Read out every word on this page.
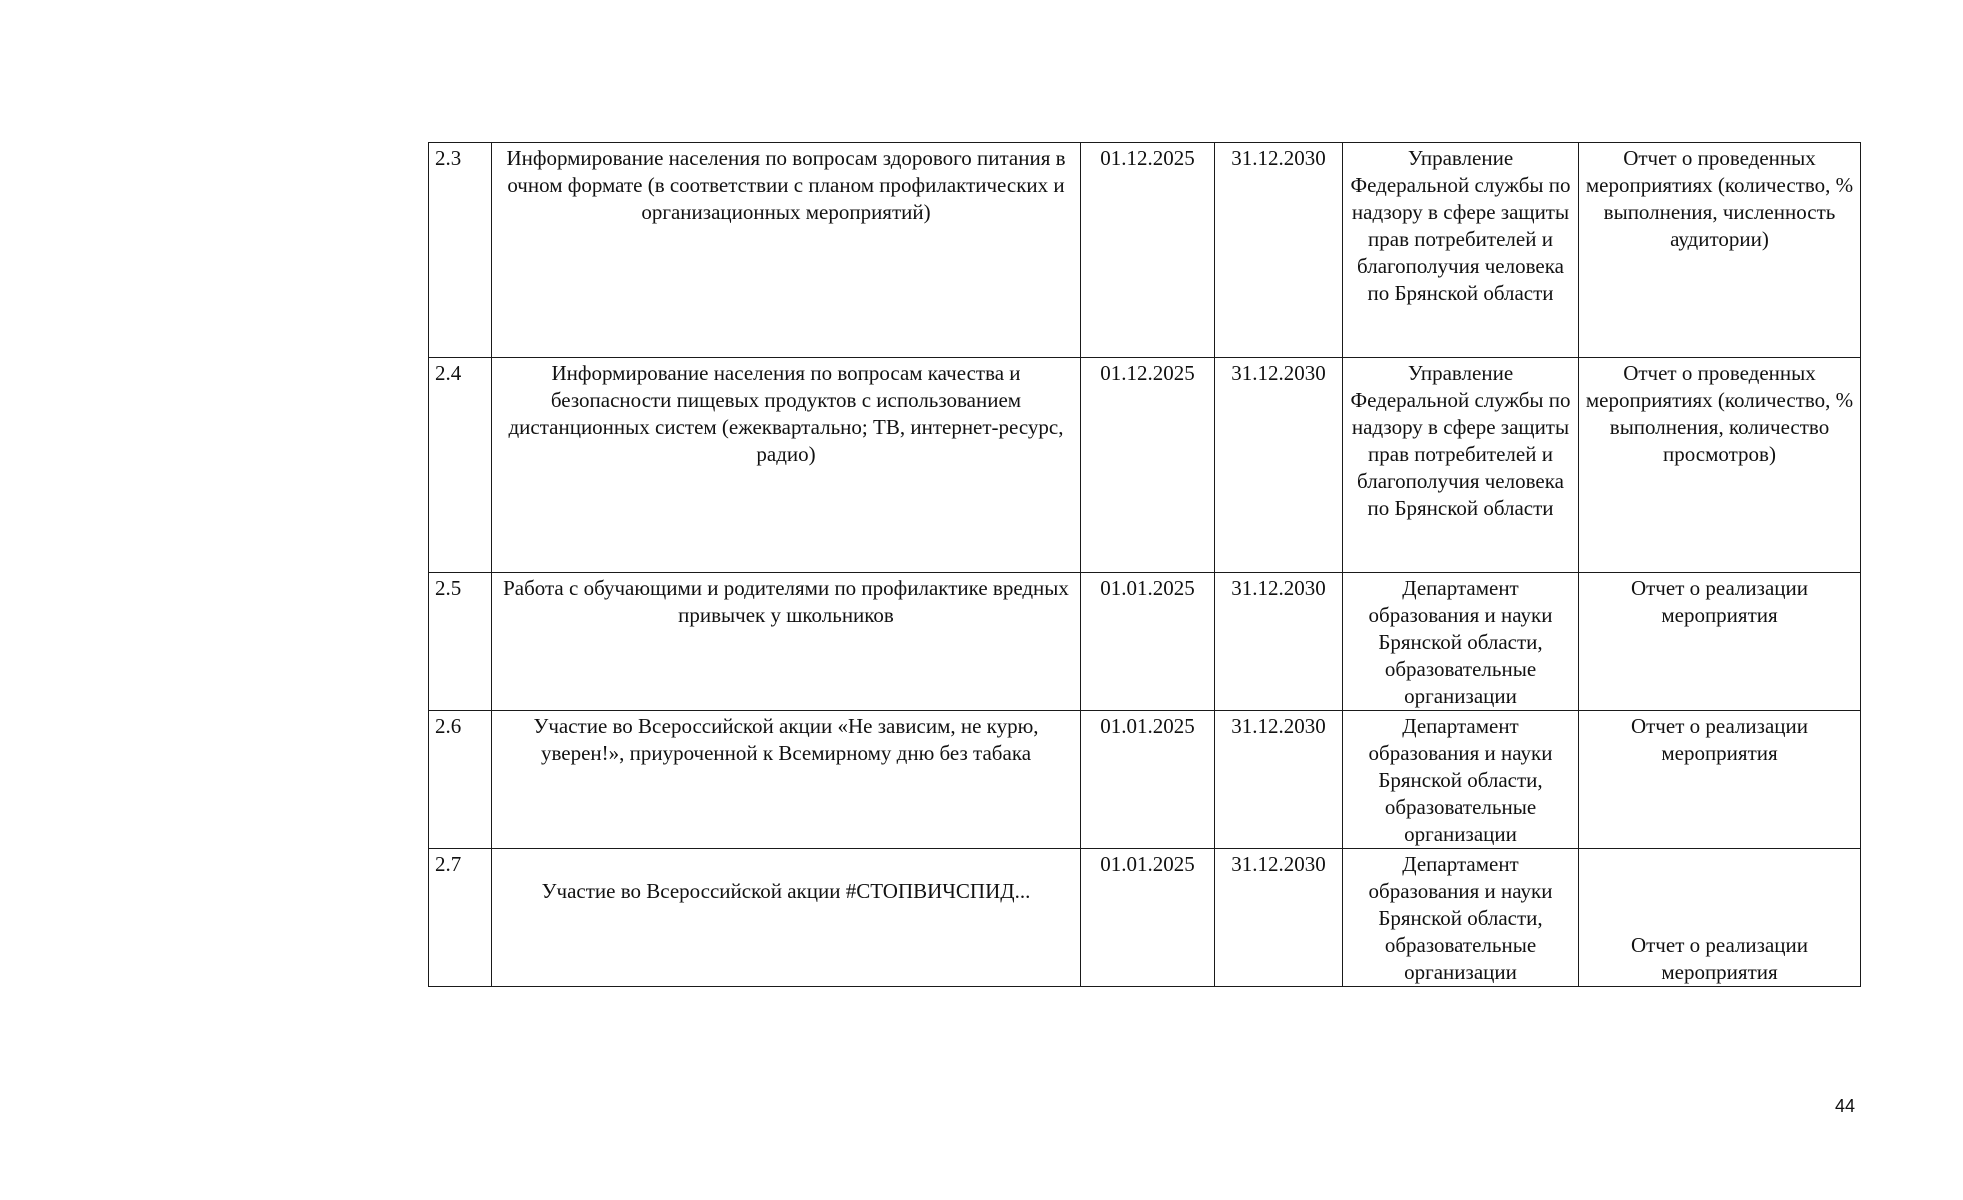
2.3	Информирование населения по вопросам здорового питания в очном формате (в соответствии с планом профилактических и организационных мероприятий)	01.12.2025	31.12.2030	Управление Федеральной службы по надзору в сфере защиты прав потребителей и благополучия человека по Брянской области	Отчет о проведенных мероприятиях (количество, % выполнения, численность аудитории)
2.4	Информирование населения по вопросам качества и безопасности пищевых продуктов с использованием дистанционных систем (ежеквартально; ТВ, интернет-ресурс, радио)	01.12.2025	31.12.2030	Управление Федеральной службы по надзору в сфере защиты прав потребителей и благополучия человека по Брянской области	Отчет о проведенных мероприятиях (количество, % выполнения, количество просмотров)
2.5	Работа с обучающими и родителями по профилактике вредных привычек у школьников	01.01.2025	31.12.2030	Департамент образования и науки Брянской области, образовательные организации	Отчет о реализации мероприятия
2.6	Участие во Всероссийской акции «Не зависим, не курю, уверен!», приуроченной к Всемирному дню без табака	01.01.2025	31.12.2030	Департамент образования и науки Брянской области, образовательные организации	Отчет о реализации мероприятия
2.7	Участие во Всероссийской акции #СТОПВИЧСПИД...	01.01.2025	31.12.2030	Департамент образования и науки Брянской области, образовательные организации	Отчет о реализации мероприятия
44
